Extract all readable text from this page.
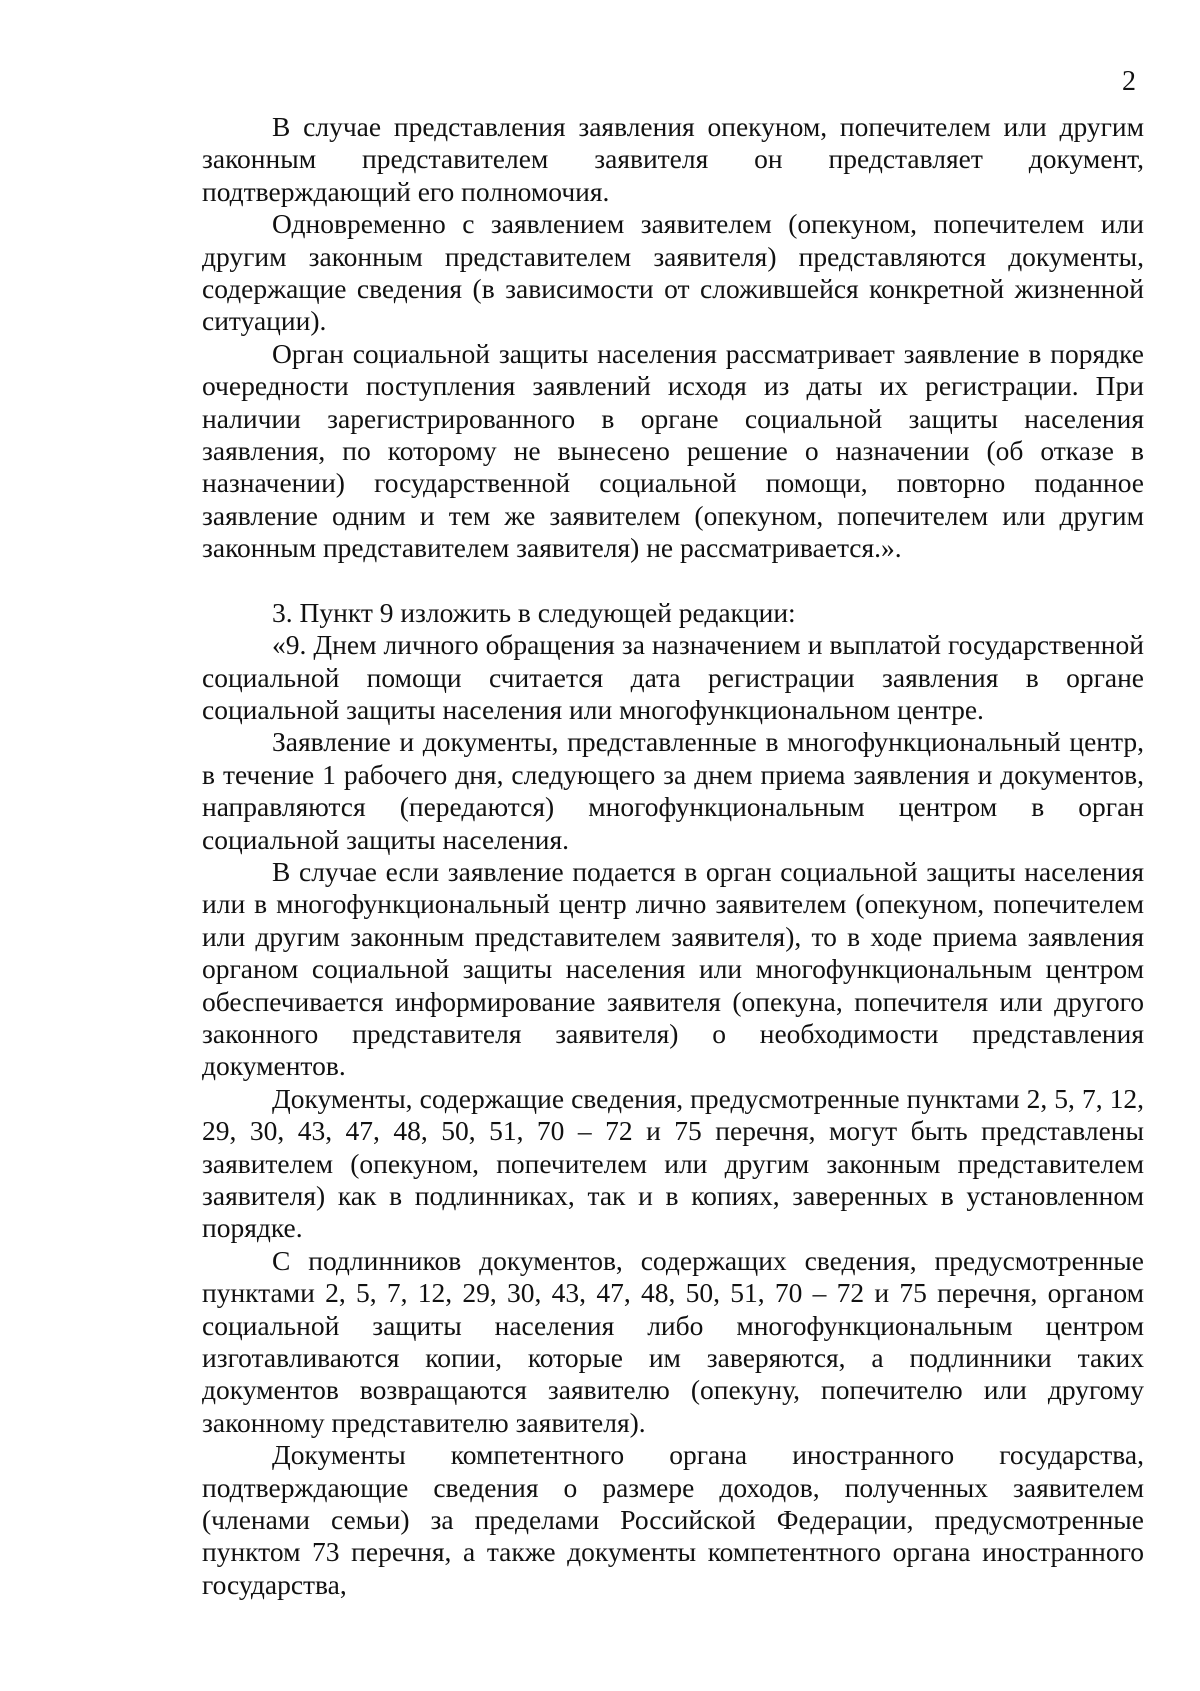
2

В случае представления заявления опекуном, попечителем или другим законным представителем заявителя он представляет документ, подтверждающий его полномочия.

Одновременно с заявлением заявителем (опекуном, попечителем или другим законным представителем заявителя) представляются документы, содержащие сведения (в зависимости от сложившейся конкретной жизненной ситуации).

Орган социальной защиты населения рассматривает заявление в порядке очередности поступления заявлений исходя из даты их регистрации. При наличии зарегистрированного в органе социальной защиты населения заявления, по которому не вынесено решение о назначении (об отказе в назначении) государственной социальной помощи, повторно поданное заявление одним и тем же заявителем (опекуном, попечителем или другим законным представителем заявителя) не рассматривается.».

3. Пункт 9 изложить в следующей редакции:

«9. Днем личного обращения за назначением и выплатой государственной социальной помощи считается дата регистрации заявления в органе социальной защиты населения или многофункциональном центре.

Заявление и документы, представленные в многофункциональный центр, в течение 1 рабочего дня, следующего за днем приема заявления и документов, направляются (передаются) многофункциональным центром в орган социальной защиты населения.

В случае если заявление подается в орган социальной защиты населения или в многофункциональный центр лично заявителем (опекуном, попечителем или другим законным представителем заявителя), то в ходе приема заявления органом социальной защиты населения или многофункциональным центром обеспечивается информирование заявителя (опекуна, попечителя или другого законного представителя заявителя) о необходимости представления документов.

Документы, содержащие сведения, предусмотренные пунктами 2, 5, 7, 12, 29, 30, 43, 47, 48, 50, 51, 70 – 72 и 75 перечня, могут быть представлены заявителем (опекуном, попечителем или другим законным представителем заявителя) как в подлинниках, так и в копиях, заверенных в установленном порядке.

С подлинников документов, содержащих сведения, предусмотренные пунктами 2, 5, 7, 12, 29, 30, 43, 47, 48, 50, 51, 70 – 72 и 75 перечня, органом социальной защиты населения либо многофункциональным центром изготавливаются копии, которые им заверяются, а подлинники таких документов возвращаются заявителю (опекуну, попечителю или другому законному представителю заявителя).

Документы компетентного органа иностранного государства, подтверждающие сведения о размере доходов, полученных заявителем (членами семьи) за пределами Российской Федерации, предусмотренные пунктом 73 перечня, а также документы компетентного органа иностранного государства,
